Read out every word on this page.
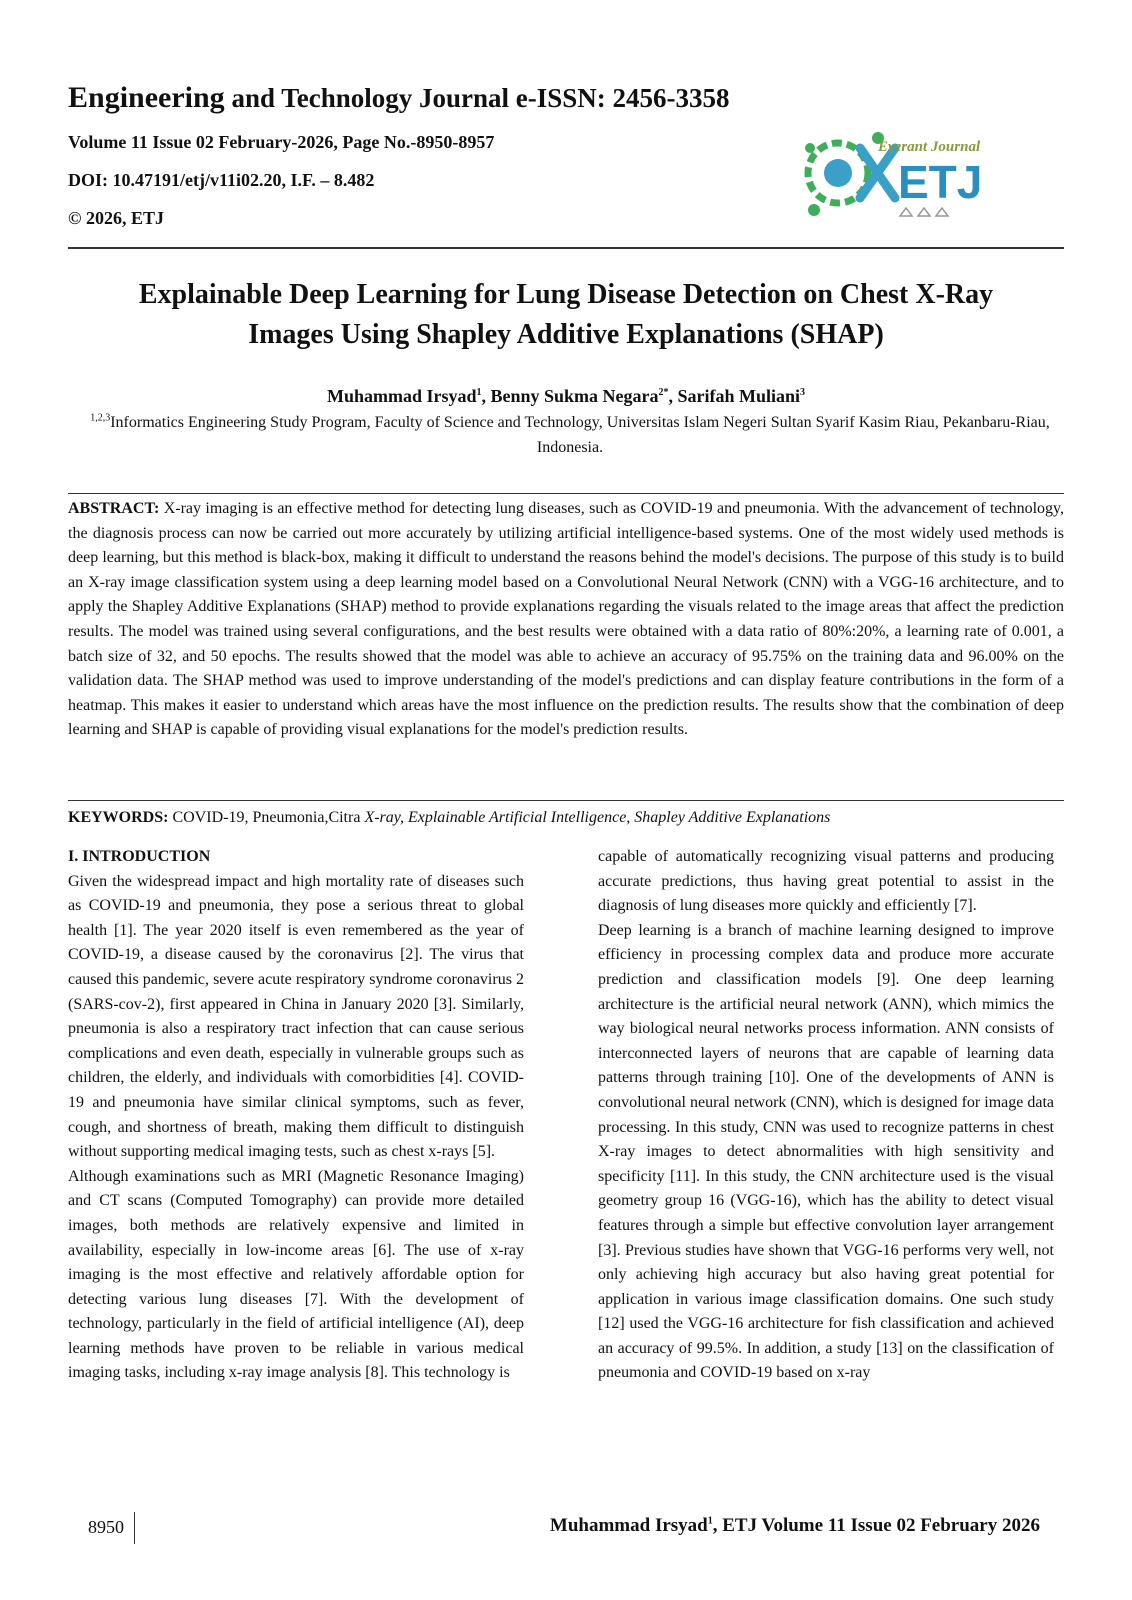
Engineering and Technology Journal e-ISSN: 2456-3358

Volume 11 Issue 02 February-2026, Page No.-8950-8957

DOI: 10.47191/etj/v11i02.20, I.F. – 8.482

© 2026, ETJ

Everant Journal
ETJ
Explainable Deep Learning for Lung Disease Detection on Chest X-Ray
Images Using Shapley Additive Explanations (SHAP)

Muhammad Irsyad$^1$, Benny Sukma Negara$^{2*}$, Sarifah Muliani$^3$

$^{1,2,3}$Informatics Engineering Study Program, Faculty of Science and Technology, Universitas Islam Negeri Sultan Syarif Kasim Riau, Pekanbaru-Riau, Indonesia.

ABSTRACT: X-ray imaging is an effective method for detecting lung diseases, such as COVID-19 and pneumonia. With the advancement of technology, the diagnosis process can now be carried out more accurately by utilizing artificial intelligence-based systems. One of the most widely used methods is deep learning, but this method is black-box, making it difficult to understand the reasons behind the model's decisions. The purpose of this study is to build an X-ray image classification system using a deep learning model based on a Convolutional Neural Network (CNN) with a VGG-16 architecture, and to apply the Shapley Additive Explanations (SHAP) method to provide explanations regarding the visuals related to the image areas that affect the prediction results. The model was trained using several configurations, and the best results were obtained with a data ratio of 80%:20%, a learning rate of 0.001, a batch size of 32, and 50 epochs. The results showed that the model was able to achieve an accuracy of 95.75% on the training data and 96.00% on the validation data. The SHAP method was used to improve understanding of the model's predictions and can display feature contributions in the form of a heatmap. This makes it easier to understand which areas have the most influence on the prediction results. The results show that the combination of deep learning and SHAP is capable of providing visual explanations for the model's prediction results.

KEYWORDS: COVID-19, Pneumonia,Citra X-ray, Explainable Artificial Intelligence, Shapley Additive Explanations

I. INTRODUCTION

Given the widespread impact and high mortality rate of diseases such as COVID-19 and pneumonia, they pose a serious threat to global health [1]. The year 2020 itself is even remembered as the year of COVID-19, a disease caused by the coronavirus [2]. The virus that caused this pandemic, severe acute respiratory syndrome coronavirus 2 (SARS-cov-2), first appeared in China in January 2020 [3]. Similarly, pneumonia is also a respiratory tract infection that can cause serious complications and even death, especially in vulnerable groups such as children, the elderly, and individuals with comorbidities [4]. COVID-19 and pneumonia have similar clinical symptoms, such as fever, cough, and shortness of breath, making them difficult to distinguish without supporting medical imaging tests, such as chest x-rays [5].

Although examinations such as MRI (Magnetic Resonance Imaging) and CT scans (Computed Tomography) can provide more detailed images, both methods are relatively expensive and limited in availability, especially in low-income areas [6]. The use of x-ray imaging is the most effective and relatively affordable option for detecting various lung diseases [7]. With the development of technology, particularly in the field of artificial intelligence (AI), deep learning methods have proven to be reliable in various medical imaging tasks, including x-ray image analysis [8]. This technology is

capable of automatically recognizing visual patterns and producing accurate predictions, thus having great potential to assist in the diagnosis of lung diseases more quickly and efficiently [7].

Deep learning is a branch of machine learning designed to improve efficiency in processing complex data and produce more accurate prediction and classification models [9]. One deep learning architecture is the artificial neural network (ANN), which mimics the way biological neural networks process information. ANN consists of interconnected layers of neurons that are capable of learning data patterns through training [10]. One of the developments of ANN is convolutional neural network (CNN), which is designed for image data processing. In this study, CNN was used to recognize patterns in chest X-ray images to detect abnormalities with high sensitivity and specificity [11]. In this study, the CNN architecture used is the visual geometry group 16 (VGG-16), which has the ability to detect visual features through a simple but effective convolution layer arrangement [3]. Previous studies have shown that VGG-16 performs very well, not only achieving high accuracy but also having great potential for application in various image classification domains. One such study [12] used the VGG-16 architecture for fish classification and achieved an accuracy of 99.5%. In addition, a study [13] on the classification of pneumonia and COVID-19 based on x-ray

8950	Muhammad Irsyad$^1$, ETJ Volume 11 Issue 02 February 2026
